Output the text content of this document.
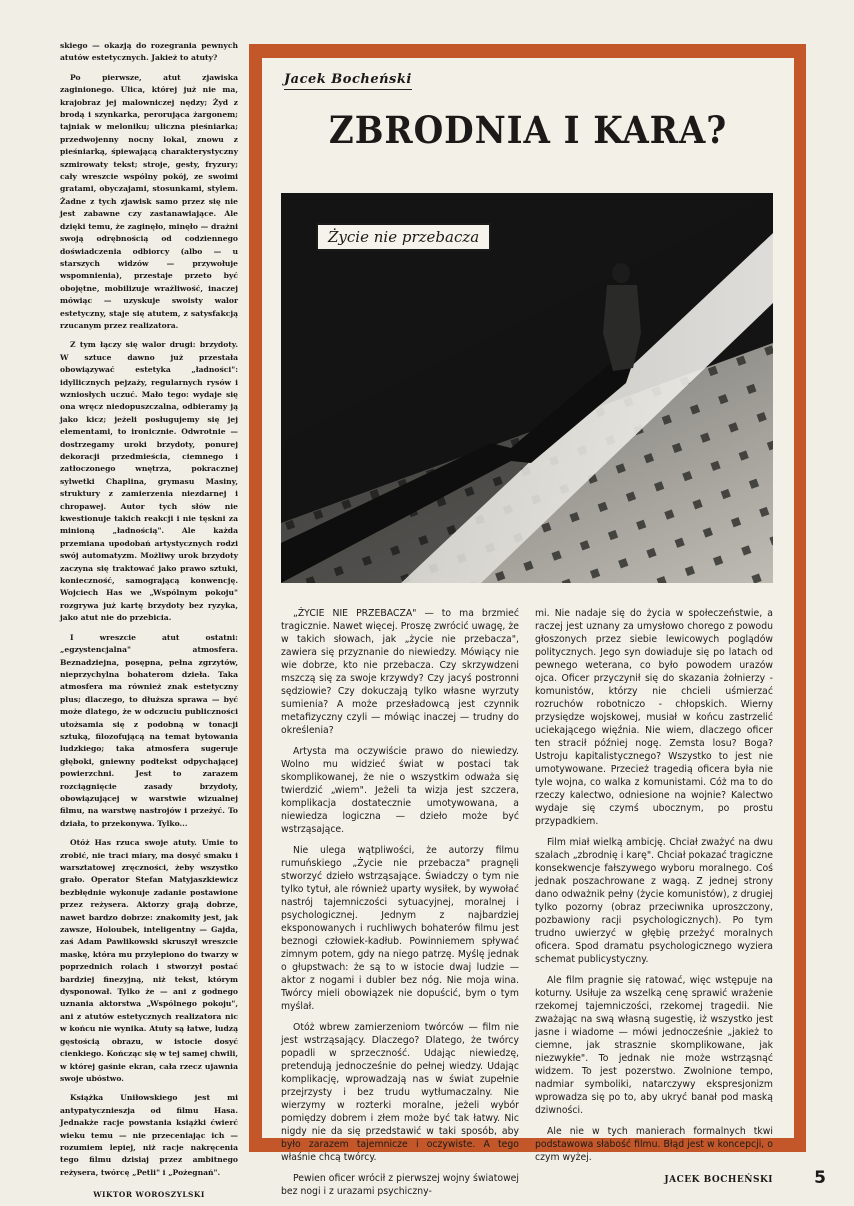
skiego — okazją do rozegrania pewnych atutów estetycznych. Jakież to atuty?

Po pierwsze, atut zjawiska zaginionego. Ulica, której już nie ma, krajobraz jej malowniczej nędzy; Żyd z brodą i szynkarka, perorująca żargonem; tajniak w meloniku; uliczna pieśniarka; przedwojenny nocny lokal, znowu z pieśniarką, śpiewającą charakterystyczny szmirowaty tekst; stroje, gesty, fryzury; cały wreszcie wspólny pokój, ze swoimi gratami, obyczajami, stosunkami, stylem. Żadne z tych zjawisk samo przez się nie jest zabawne czy zastanawiające. Ale dzięki temu, że zaginęło, minęło — drażni swoją odrębnością od codziennego doświadczenia odbiorcy (albo — u starszych widzów — przywołuje wspomnienia), przestaje przeto być obojętne, mobilizuje wrażliwość, inaczej mówiąc — uzyskuje swoisty walor estetyczny, staje się atutem, z satysfakcją rzucanym przez realizatora.

Z tym łączy się walor drugi: brzydoty. W sztuce dawno już przestała obowiązywać estetyka „ładności": idyllicznych pejzaży, regularnych rysów i wzniosłych uczuć. Mało tego: wydaje się ona wręcz niedopuszczalna, odbieramy ją jako kicz; jeżeli posługujemy się jej elementami, to ironicznie. Odwrotnie — dostrzegamy uroki brzydoty, ponurej dekoracji przedmieścia, ciemnego i zatłoczonego wnętrza, pokracznej sylwetki Chaplina, grymasu Masiny, struktury z zamierzenia niezdarnej i chropawej. Autor tych słów nie kwestionuje takich reakcji i nie tęskni za minioną „ładnością". Ale każda przemiana upodobań artystycznych rodzi swój automatyzm. Możliwy urok brzydoty zaczyna się traktować jako prawo sztuki, konieczność, samogrającą konwencję. Wojciech Has we „Wspólnym pokoju" rozgrywa już kartę brzydoty bez ryzyka, jako atut nie do przebicia.

I wreszcie atut ostatni: „egzystencjalna" atmosfera. Beznadziejna, posępna, pełna zgrzytów, nieprzychylna bohaterom dzieła. Taka atmosfera ma również znak estetyczny plus; dlaczego, to dłuższa sprawa — być może dlatego, że w odczuciu publiczności utożsamia się z podobną w tonacji sztuką, filozofującą na temat bytowania ludzkiego; taka atmosfera sugeruje głęboki, gniewny podtekst odpychającej powierzchni. Jest to zarazem rozciągnięcie zasady brzydoty, obowiązującej w warstwie wizualnej filmu, na warstwę nastrojów i przeżyć. To działa, to przekonywa. Tylko...

Otóż Has rzuca swoje atuty. Umie to zrobić, nie traci miary, ma dosyć smaku i warsztatowej zręczności, żeby wszystko grało. Operator Stefan Matyjaszkiewicz bezbłędnie wykonuje zadanie postawione przez reżysera. Aktorzy grają dobrze, nawet bardzo dobrze: znakomity jest, jak zawsze, Holoubek, inteligentny — Gajda, zaś Adam Pawlikowski skruszył wreszcie maskę, która mu przylepiono do twarzy w poprzednich rolach i stworzył postać bardziej finezyjną, niż tekst, którym dysponował. Tylko że — ani z godnego uznania aktorstwa „Wspólnego pokoju", ani z atutów estetycznych realizatora nic w końcu nie wynika. Atuty są łatwe, ludzą gęstością obrazu, w istocie dosyć cienkiego. Kończąc się w tej samej chwili, w której gaśnie ekran, cała rzecz ujawnia swoje ubóstwo.

Książka Uniłowskiego jest mi antypatycznieszja od filmu Hasa. Jednakże racje powstania książki ćwierć wieku temu — nie przeceniając ich — rozumiem lepiej, niż racje nakręcenia tego filmu dzisiaj przez ambitnego reżysera, twórcę „Petli" i „Pożegnań".

WIKTOR WOROSZYLSKI
Jacek Bocheński
ZBRODNIA I KARA?
Życie nie przebacza

„ŻYCIE NIE PRZEBACZA" — to ma brzmieć tragicznie. Nawet więcej. Proszę zwrócić uwagę, że w takich słowach, jak „życie nie przebacza", zawiera się przyznanie do niewiedzy. Mówiący nie wie dobrze, kto nie przebacza. Czy skrzywdzeni mszczą się za swoje krzywdy? Czy jacyś postronni sędziowie? Czy dokuczają tylko własne wyrzuty sumienia? A może przesładowcą jest czynnik metafizyczny czyli — mówiąc inaczej — trudny do określenia?

Artysta ma oczywiście prawo do niewiedzy. Wolno mu widzieć świat w postaci tak skomplikowanej, że nie o wszystkim odważa się twierdzić „wiem". Jeżeli ta wizja jest szczera, komplikacja dostatecznie umotywowana, a niewiedza logiczna — dzieło może być wstrząsające.

Nie ulega wątpliwości, że autorzy filmu rumuńskiego „Życie nie przebacza" pragnęli stworzyć dzieło wstrząsające. Świadczy o tym nie tylko tytuł, ale również uparty wysiłek, by wywołać nastrój tajemniczości sytuacyjnej, moralnej i psychologicznej. Jednym z najbardziej eksponowanych i ruchliwych bohaterów filmu jest beznogi człowiek-kadłub. Powinniemem spływać zimnym potem, gdy na niego patrzę. Myślę jednak o głupstwach: że są to w istocie dwaj ludzie — aktor z nogami i dubler bez nóg. Nie moja wina. Twórcy mieli obowiązek nie dopuścić, bym o tym myślał.

Otóż wbrew zamierzeniom twórców — film nie jest wstrząsający. Dlaczego? Dlatego, że twórcy popadli w sprzeczność. Udając niewiedzę, pretendują jednocześnie do pełnej wiedzy. Udając komplikację, wprowadzają nas w świat zupełnie przejrzysty i bez trudu wytłumaczalny. Nie wierzymy w rozterki moralne, jeżeli wybór pomiędzy dobrem i złem może być tak łatwy. Nic nigdy nie da się przedstawić w taki sposób, aby było zarazem tajemnicze i oczywiste. A tego właśnie chcą twórcy.

Pewien oficer wrócił z pierwszej wojny światowej bez nogi i z urazami psychiczny-

mi. Nie nadaje się do życia w społeczeństwie, a raczej jest uznany za umysłowo chorego z powodu głoszonych przez siebie lewicowych poglądów politycznych. Jego syn dowiaduje się po latach od pewnego weterana, co było powodem urazów ojca. Oficer przyczynił się do skazania żołnierzy - komunistów, którzy nie chcieli uśmierzać rozruchów robotniczo - chłopskich. Wierny przysiędze wojskowej, musiał w końcu zastrzelić uciekającego więźnia. Nie wiem, dlaczego oficer ten stracił później nogę. Zemsta losu? Boga? Ustroju kapitalistycznego? Wszystko to jest nie umotywowane. Przecież tragedią oficera była nie tyle wojna, co walka z komunistami. Cóż ma to do rzeczy kalectwo, odniesione na wojnie? Kalectwo wydaje się czymś ubocznym, po prostu przypadkiem.

Film miał wielką ambicję. Chciał zważyć na dwu szalach „zbrodnię i karę". Chciał pokazać tragiczne konsekwencje fałszywego wyboru moralnego. Coś jednak poszachrowane z wagą. Z jednej strony dano odważnik pełny (życie komunistów), z drugiej tylko pozorny (obraz przeciwnika uproszczony, pozbawiony racji psychologicznych). Po tym trudno uwierzyć w głębię przeżyć moralnych oficera. Spod dramatu psychologicznego wyziera schemat publicystyczny.

Ale film pragnie się ratować, więc wstępuje na koturny. Usiłuje za wszelką cenę sprawić wrażenie rzekomej tajemniczości, rzekomej tragedii. Nie zważając na swą własną sugestię, iż wszystko jest jasne i wiadome — mówi jednocześnie „jakież to ciemne, jak strasznie skomplikowane, jak niezwykłe". To jednak nie może wstrząsnąć widzem. To jest pozerstwo. Zwolnione tempo, nadmiar symboliki, natarczywy ekspresjonizm wprowadza się po to, aby ukryć banał pod maską dziwności.

Ale nie w tych manierach formalnych tkwi podstawowa słabość filmu. Błąd jest w koncepcji, o czym wyżej.

JACEK BOCHEŃSKI 5
